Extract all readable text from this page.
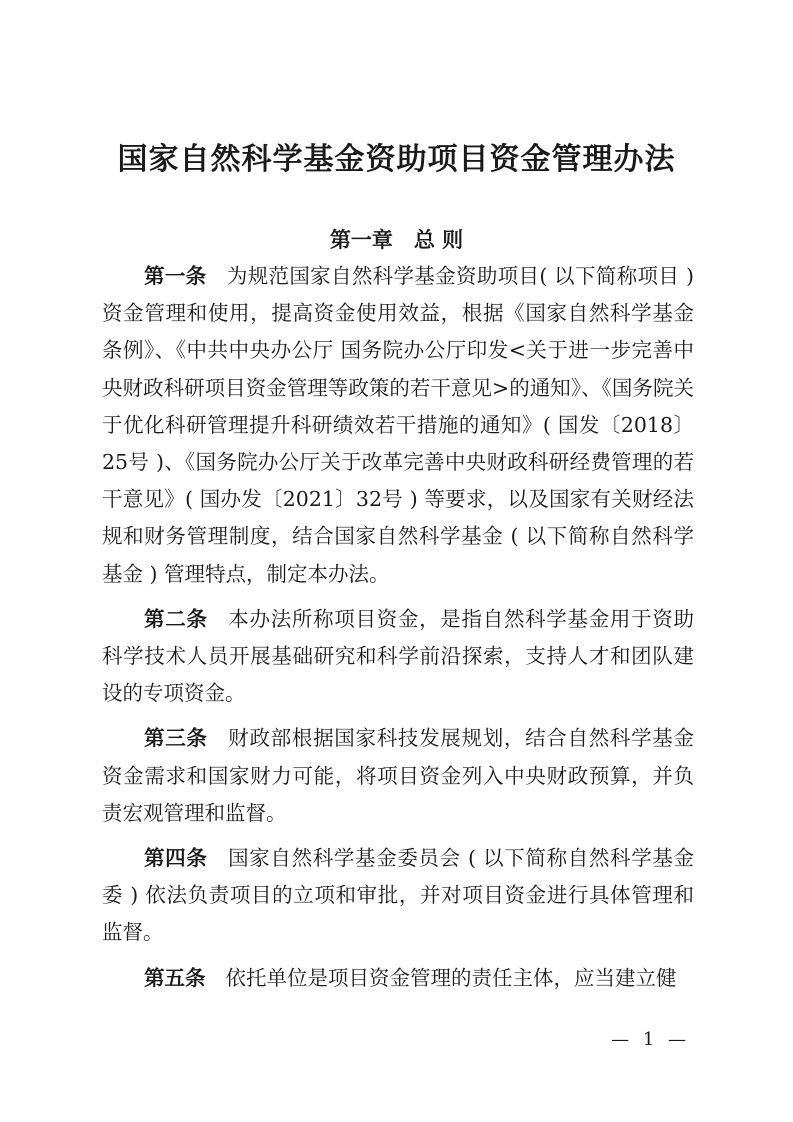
国家自然科学基金资助项目资金管理办法
第一章　总 则

第一条 为规范国家自然科学基金资助项目( 以下简称项目 ) 资金管理和使用，提高资金使用效益，根据《国家自然科学基金条例》、《中共中央办公厅 国务院办公厅印发<关于进一步完善中央财政科研项目资金管理等政策的若干意见>的通知》、《国务院关于优化科研管理提升科研绩效若干措施的通知》( 国发〔2018〕25号 )、《国务院办公厅关于改革完善中央财政科研经费管理的若干意见》( 国办发〔2021〕32号 ) 等要求，以及国家有关财经法规和财务管理制度，结合国家自然科学基金 ( 以下简称自然科学基金 ) 管理特点，制定本办法。

第二条 本办法所称项目资金，是指自然科学基金用于资助科学技术人员开展基础研究和科学前沿探索，支持人才和团队建设的专项资金。

第三条 财政部根据国家科技发展规划，结合自然科学基金资金需求和国家财力可能，将项目资金列入中央财政预算，并负责宏观管理和监督。

第四条 国家自然科学基金委员会 ( 以下简称自然科学基金委 ) 依法负责项目的立项和审批，并对项目资金进行具体管理和监督。

第五条 依托单位是项目资金管理的责任主体，应当建立健

— 1 —
